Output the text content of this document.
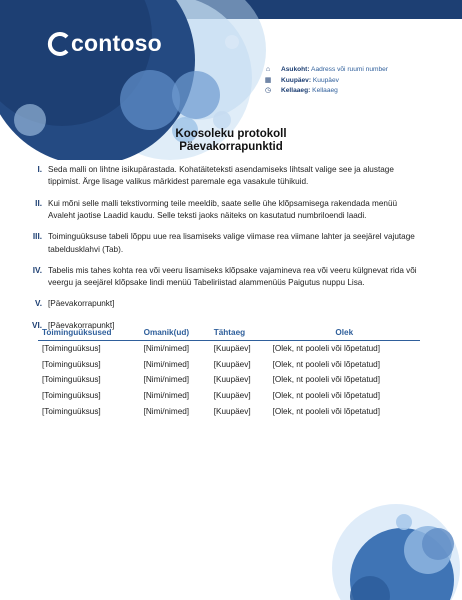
contoso
⌂ Asukoht: Aadress või ruumi number
▦ Kuupäev: Kuupäev
◷ Kellaaeg: Kellaaeg
Koosoleku protokoll
Päevakorrapunktid
I. Seda malli on lihtne isikupärastada. Kohatäiteteksti asendamiseks lihtsalt valige see ja alustage tippimist. Ärge lisage valikus märkidest paremale ega vasakule tühikuid.
II. Kui mõni selle malli tekstivorming teile meeldib, saate selle ühe klõpsamisega rakendada menüü Avaleht jaotise Laadid kaudu. Selle teksti jaoks näiteks on kasutatud numbriloendi laadi.
III. Toiminguüksuse tabeli lõppu uue rea lisamiseks valige viimase rea viimane lahter ja seejärel vajutage tabeldusklahvi (Tab).
IV. Tabelis mis tahes kohta rea või veeru lisamiseks klõpsake vajamineva rea või veeru külgnevat rida või veergu ja seejärel klõpsake lindi menüü Tabeliriistad alammenüüs Paigutus nuppu Lisa.
V. [Päevakorrapunkt]
VI. [Päevakorrapunkt]
Toiminguüksused	Omanik(ud)	Tähtaeg	Olek
[Toiminguüksus]	[Nimi/nimed]	[Kuupäev]	[Olek, nt pooleli või lõpetatud]
[Toiminguüksus]	[Nimi/nimed]	[Kuupäev]	[Olek, nt pooleli või lõpetatud]
[Toiminguüksus]	[Nimi/nimed]	[Kuupäev]	[Olek, nt pooleli või lõpetatud]
[Toiminguüksus]	[Nimi/nimed]	[Kuupäev]	[Olek, nt pooleli või lõpetatud]
[Toiminguüksus]	[Nimi/nimed]	[Kuupäev]	[Olek, nt pooleli või lõpetatud]
